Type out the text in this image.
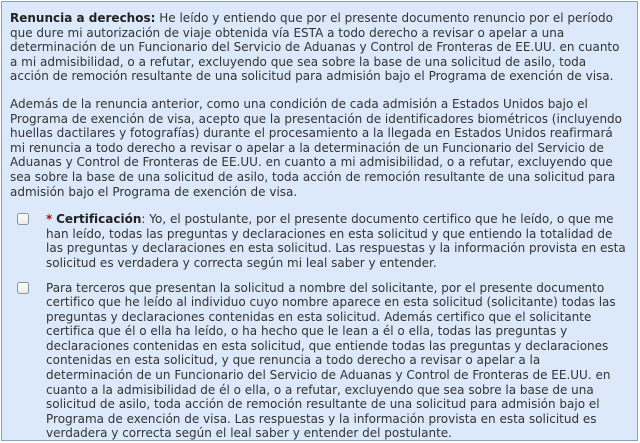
Renuncia a derechos: He leído y entiendo que por el presente documento renuncio por el período que dure mi autorización de viaje obtenida vía ESTA a todo derecho a revisar o apelar a una determinación de un Funcionario del Servicio de Aduanas y Control de Fronteras de EE.UU. en cuanto a mi admisibilidad, o a refutar, excluyendo que sea sobre la base de una solicitud de asilo, toda acción de remoción resultante de una solicitud para admisión bajo el Programa de exención de visa.

Además de la renuncia anterior, como una condición de cada admisión a Estados Unidos bajo el Programa de exención de visa, acepto que la presentación de identificadores biométricos (incluyendo huellas dactilares y fotografías) durante el procesamiento a la llegada en Estados Unidos reafirmará mi renuncia a todo derecho a revisar o apelar a la determinación de un Funcionario del Servicio de Aduanas y Control de Fronteras de EE.UU. en cuanto a mi admisibilidad, o a refutar, excluyendo que sea sobre la base de una solicitud de asilo, toda acción de remoción resultante de una solicitud para admisión bajo el Programa de exención de visa.

* Certificación: Yo, el postulante, por el presente documento certifico que he leído, o que me han leído, todas las preguntas y declaraciones en esta solicitud y que entiendo la totalidad de las preguntas y declaraciones en esta solicitud. Las respuestas y la información provista en esta solicitud es verdadera y correcta según mi leal saber y entender.
Para terceros que presentan la solicitud a nombre del solicitante, por el presente documento certifico que he leído al individuo cuyo nombre aparece en esta solicitud (solicitante) todas las preguntas y declaraciones contenidas en esta solicitud. Además certifico que el solicitante certifica que él o ella ha leído, o ha hecho que le lean a él o ella, todas las preguntas y declaraciones contenidas en esta solicitud, que entiende todas las preguntas y declaraciones contenidas en esta solicitud, y que renuncia a todo derecho a revisar o apelar a la determinación de un Funcionario del Servicio de Aduanas y Control de Fronteras de EE.UU. en cuanto a la admisibilidad de él o ella, o a refutar, excluyendo que sea sobre la base de una solicitud de asilo, toda acción de remoción resultante de una solicitud para admisión bajo el Programa de exención de visa. Las respuestas y la información provista en esta solicitud es verdadera y correcta según el leal saber y entender del postulante.
